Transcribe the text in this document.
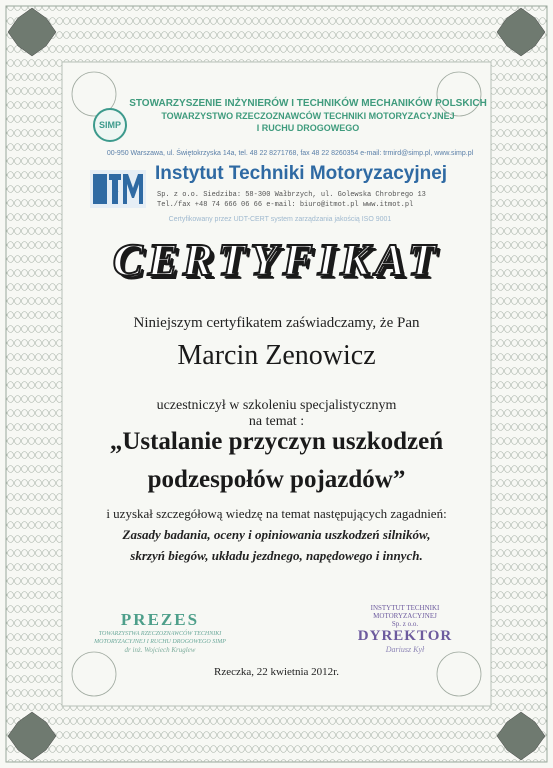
SIMP
STOWARZYSZENIE INŻYNIERÓW I TECHNIKÓW MECHANIKÓW POLSKICH
TOWARZYSTWO RZECZOZNAWCÓW TECHNIKI MOTORYZACYJNEJ
I RUCHU DROGOWEGO
00-950 Warszawa, ul. Świętokrzyska 14a, tel. 48 22 8271768, fax 48 22 8260354 e-mail: trmird@simp.pl, www.simp.pl
ITM
Instytut Techniki Motoryzacyjnej
Sp. z o.o. Siedziba: 58-300 Wałbrzych, ul. Golewska Chrobrego 13
Tel./fax +48 74 666 06 66 e-mail: biuro@itmot.pl www.itmot.pl
Certyfikowany przez UDT-CERT system zarządzania jakością ISO 9001
CERTYFIKAT
Niniejszym certyfikatem zaświadczamy, że Pan
Marcin Zenowicz
uczestniczył w szkoleniu specjalistycznym
na temat :
„Ustalanie przyczyn uszkodzeń
podzespołów pojazdów”
i uzyskał szczegółową wiedzę na temat następujących zagadnień:
Zasady badania, oceny i opiniowania uszkodzeń silników,
skrzyń biegów, układu jezdnego, napędowego i innych.
PREZES
TOWARZYSTWA RZECZOZNAWCÓW TECHNIKI MOTORYZACYJNEJ I RUCHU DROGOWEGO SIMP
dr inż. Wojciech Kruglew
INSTYTUT TECHNIKI
MOTORYZACYJNEJ
Sp. z o.o.
DYREKTOR
Dariusz Kył
Rzeczka, 22 kwietnia 2012r.
